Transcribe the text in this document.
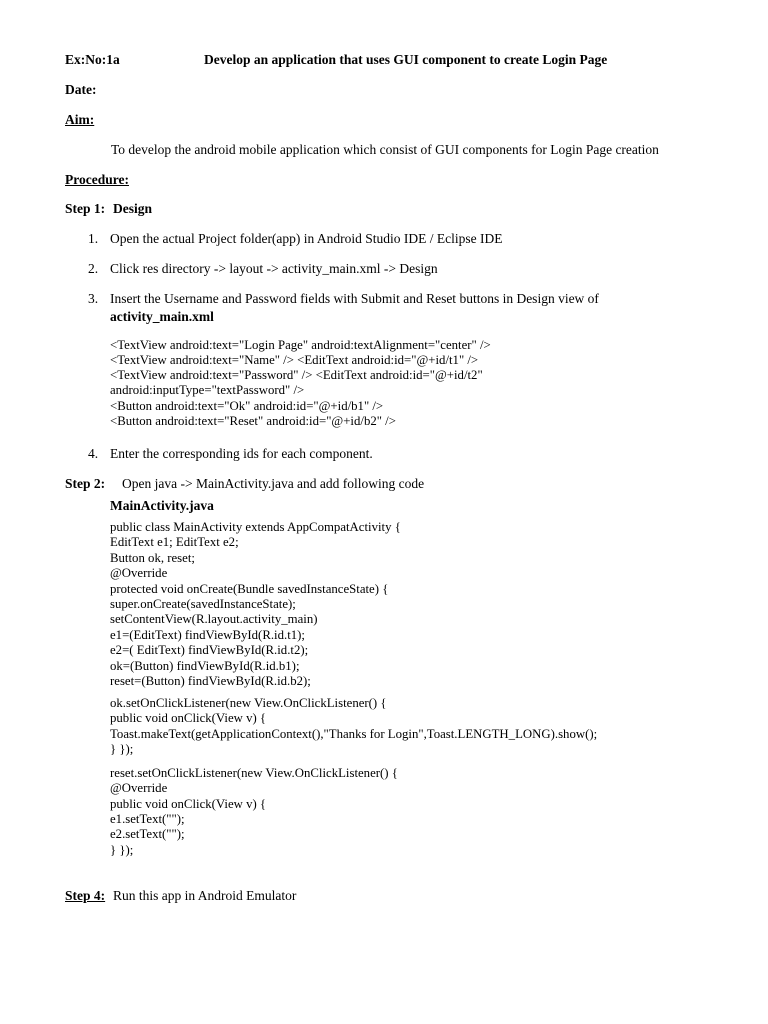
Ex:No:1a	Develop an application that uses GUI component to create Login Page
Date:
Aim:
To develop the android mobile application which consist of GUI components for Login Page creation
Procedure:
Step 1: Design
1. Open the actual Project folder(app) in Android Studio IDE / Eclipse IDE
2. Click res directory -> layout -> activity_main.xml -> Design
3. Insert the Username and Password fields with Submit and Reset buttons in Design view of
activity_main.xml
<TextView android:text="Login Page" android:textAlignment="center" />
<TextView android:text="Name" /> <EditText android:id="@+id/t1" />
<TextView android:text="Password" /> <EditText android:id="@+id/t2"
android:inputType="textPassword" />
<Button android:text="Ok" android:id="@+id/b1" />
<Button android:text="Reset" android:id="@+id/b2" />
4. Enter the corresponding ids for each component.
Step 2: Open java -> MainActivity.java and add following code
MainActivity.java
public class MainActivity extends AppCompatActivity {
EditText e1; EditText e2;
Button ok, reset;
@Override
protected void onCreate(Bundle savedInstanceState) {
super.onCreate(savedInstanceState);
setContentView(R.layout.activity_main)
e1=(EditText) findViewById(R.id.t1);
e2=( EditText) findViewById(R.id.t2);
ok=(Button) findViewById(R.id.b1);
reset=(Button) findViewById(R.id.b2);
ok.setOnClickListener(new View.OnClickListener() {
public void onClick(View v) {
Toast.makeText(getApplicationContext(),"Thanks for Login",Toast.LENGTH_LONG).show();
} });
reset.setOnClickListener(new View.OnClickListener() {
@Override
public void onClick(View v) {
e1.setText("");
e2.setText("");
} });
Step 4: Run this app in Android Emulator
